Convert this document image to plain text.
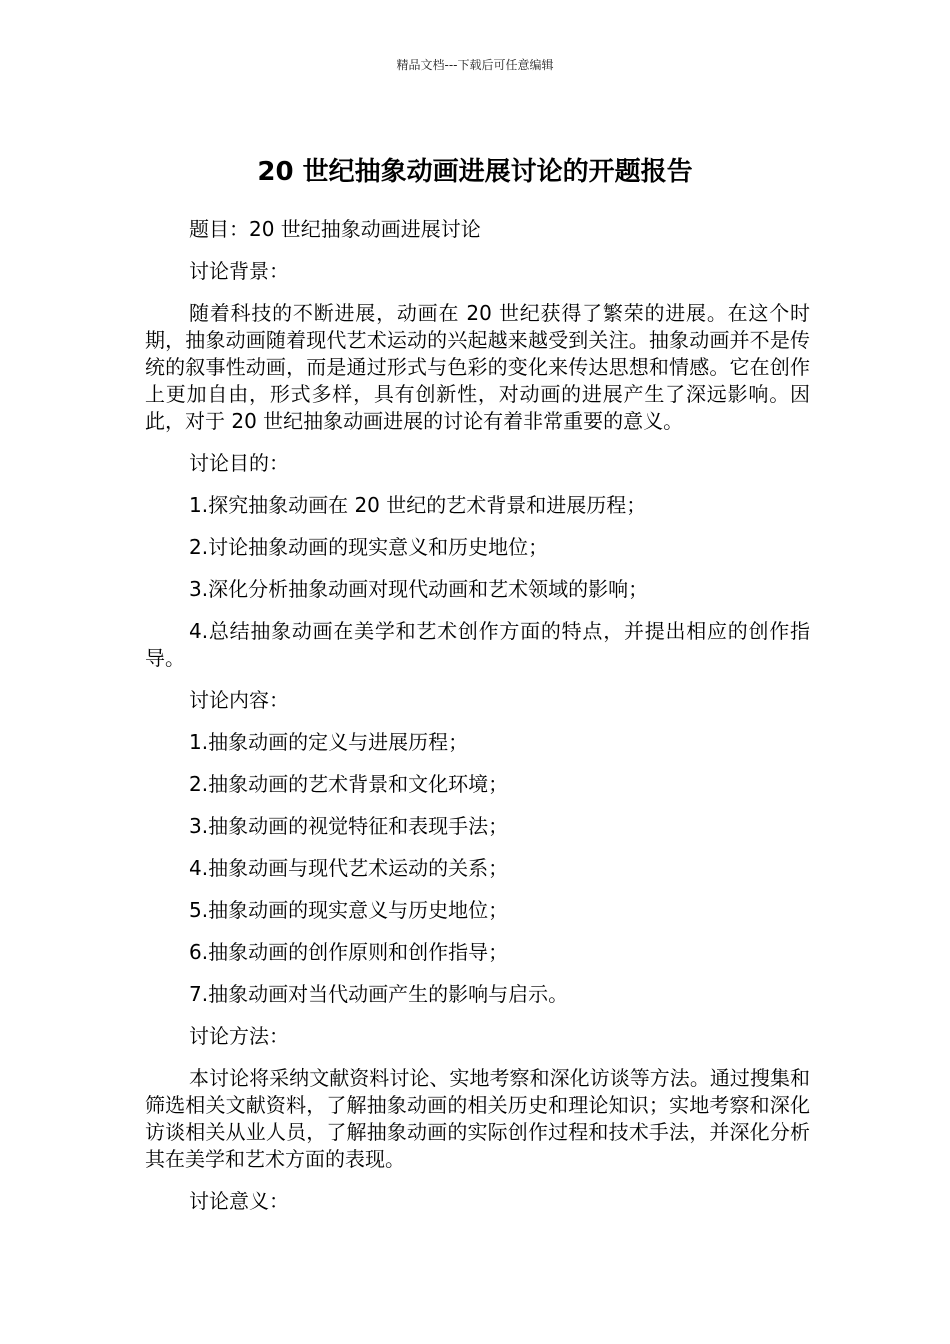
精品文档---下载后可任意编辑
20 世纪抽象动画进展讨论的开题报告

题目：20 世纪抽象动画进展讨论

讨论背景：

随着科技的不断进展，动画在 20 世纪获得了繁荣的进展。在这个时期，抽象动画随着现代艺术运动的兴起越来越受到关注。抽象动画并不是传统的叙事性动画，而是通过形式与色彩的变化来传达思想和情感。它在创作上更加自由，形式多样，具有创新性，对动画的进展产生了深远影响。因此，对于 20 世纪抽象动画进展的讨论有着非常重要的意义。

讨论目的：

1.探究抽象动画在 20 世纪的艺术背景和进展历程；

2.讨论抽象动画的现实意义和历史地位；

3.深化分析抽象动画对现代动画和艺术领域的影响；

4.总结抽象动画在美学和艺术创作方面的特点，并提出相应的创作指导。

讨论内容：

1.抽象动画的定义与进展历程；

2.抽象动画的艺术背景和文化环境；

3.抽象动画的视觉特征和表现手法；

4.抽象动画与现代艺术运动的关系；

5.抽象动画的现实意义与历史地位；

6.抽象动画的创作原则和创作指导；

7.抽象动画对当代动画产生的影响与启示。

讨论方法：

本讨论将采纳文献资料讨论、实地考察和深化访谈等方法。通过搜集和筛选相关文献资料，了解抽象动画的相关历史和理论知识；实地考察和深化访谈相关从业人员，了解抽象动画的实际创作过程和技术手法，并深化分析其在美学和艺术方面的表现。

讨论意义：
